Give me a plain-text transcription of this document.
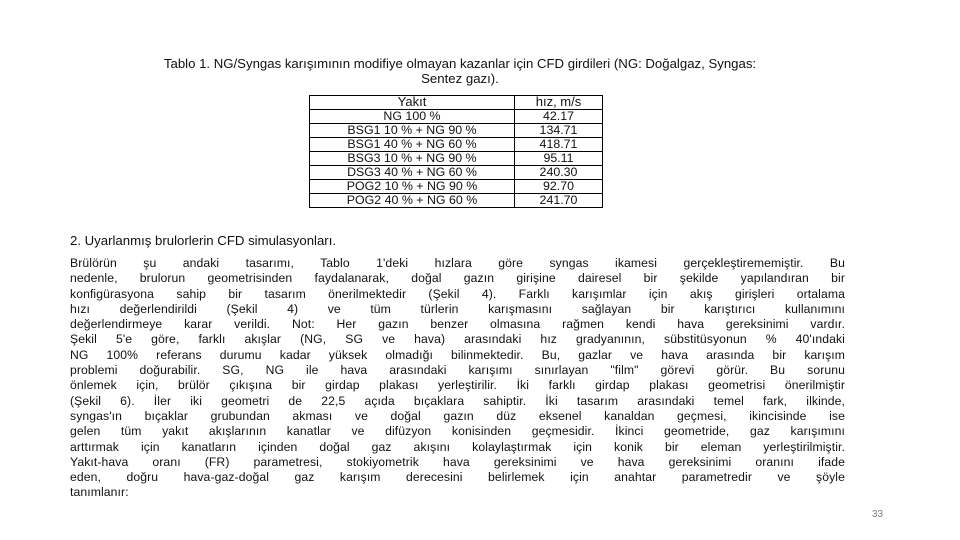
Tablo 1. NG/Syngas karışımının modifiye olmayan kazanlar için CFD girdileri (NG: Doğalgaz, Syngas:
Sentez gazı).
Yakıt	hız, m/s
NG 100 %	42.17
BSG1 10 % + NG 90 %	134.71
BSG1 40 % + NG 60 %	418.71
BSG3 10 % + NG 90 %	95.11
DSG3 40 % + NG 60 %	240.30
POG2 10 % + NG 90 %	92.70
POG2 40 % + NG 60 %	241.70
2. Uyarlanmış brulorlerin CFD simulasyonları.
Brülörün şu andaki tasarımı, Tablo 1'deki hızlara göre syngas ikamesi gerçekleştirememiştir. Bu
nedenle, brulorun geometrisinden faydalanarak, doğal gazın girişine dairesel bir şekilde yapılandıran bir
konfigürasyona sahip bir tasarım önerilmektedir (Şekil 4). Farklı karışımlar için akış girişleri ortalama
hızı değerlendirildi (Şekil 4) ve tüm türlerin karışmasını sağlayan bir karıştırıcı kullanımını
değerlendirmeye karar verildi. Not: Her gazın benzer olmasına rağmen kendi hava gereksinimi vardır.
Şekil 5'e göre, farklı akışlar (NG, SG ve hava) arasındaki hız gradyanının, sübstitüsyonun % 40'ındaki
NG 100% referans durumu kadar yüksek olmadığı bilinmektedir. Bu, gazlar ve hava arasında bir karışım
problemi doğurabilir. SG, NG ile hava arasındaki karışımı sınırlayan "film" görevi görür. Bu sorunu
önlemek için, brülör çıkışına bir girdap plakası yerleştirilir. İki farklı girdap plakası geometrisi önerilmiştir
(Şekil 6). İler iki geometri de 22,5 açıda bıçaklara sahiptir. İki tasarım arasındaki temel fark, ilkinde,
syngas'ın bıçaklar grubundan akması ve doğal gazın düz eksenel kanaldan geçmesi, ikincisinde ise
gelen tüm yakıt akışlarının kanatlar ve difüzyon konisinden geçmesidir. İkinci geometride, gaz karışımını
arttırmak için kanatların içinden doğal gaz akışını kolaylaştırmak için konik bir eleman yerleştirilmiştir.
Yakıt-hava oranı (FR) parametresi, stokiyometrik hava gereksinimi ve hava gereksinimi oranını ifade
eden, doğru hava-gaz-doğal gaz karışım derecesini belirlemek için anahtar parametredir ve şöyle
tanımlanır:
33
